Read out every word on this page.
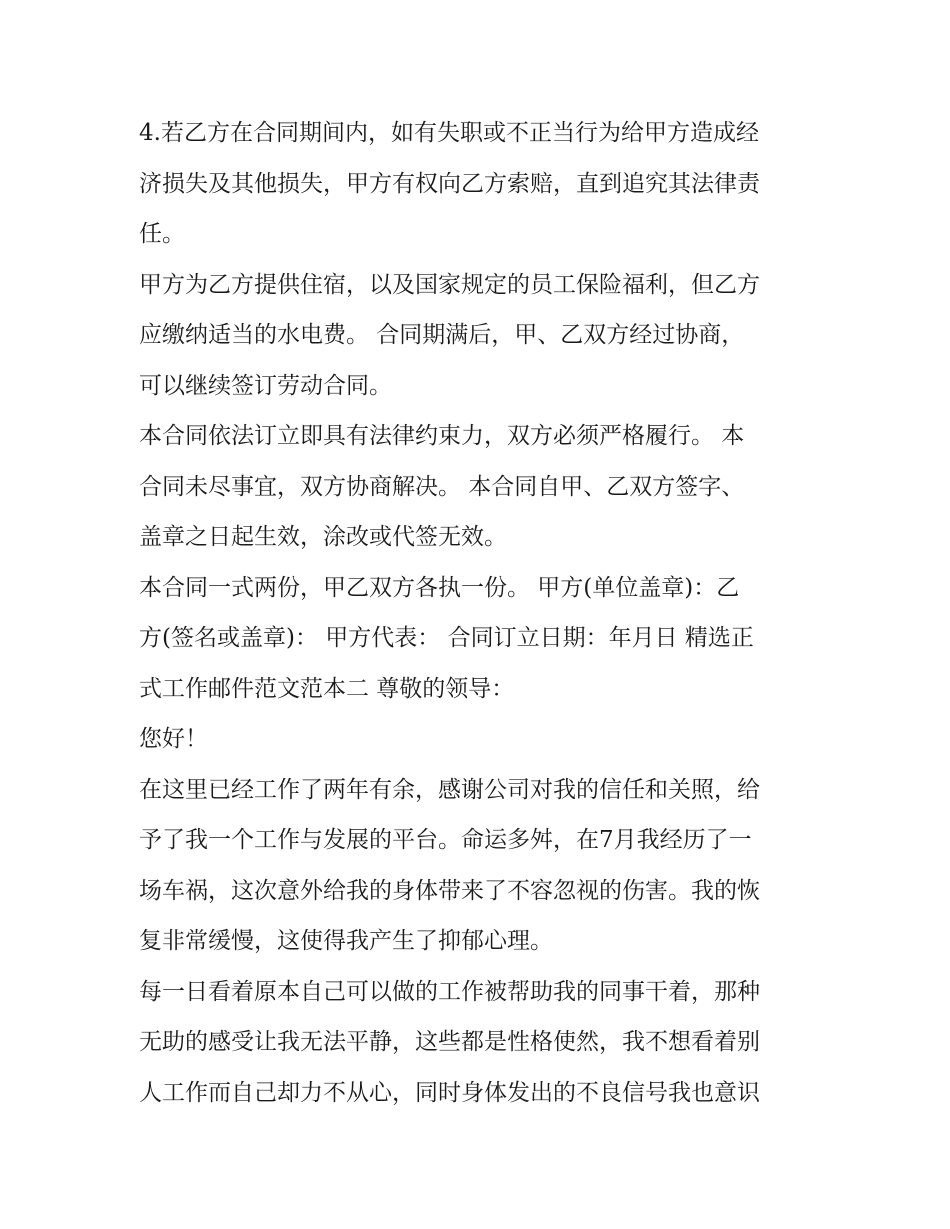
4.若乙方在合同期间内，如有失职或不正当行为给甲方造成经
济损失及其他损失，甲方有权向乙方索赔，直到追究其法律责
任。
甲方为乙方提供住宿，以及国家规定的员工保险福利，但乙方
应缴纳适当的水电费。 合同期满后，甲、乙双方经过协商，
可以继续签订劳动合同。
本合同依法订立即具有法律约束力，双方必须严格履行。 本
合同未尽事宜，双方协商解决。 本合同自甲、乙双方签字、
盖章之日起生效，涂改或代签无效。
本合同一式两份，甲乙双方各执一份。 甲方(单位盖章)：乙
方(签名或盖章)： 甲方代表： 合同订立日期：年月日 精选正
式工作邮件范文范本二 尊敬的领导：
您好！
在这里已经工作了两年有余，感谢公司对我的信任和关照，给
予了我一个工作与发展的平台。命运多舛，在7月我经历了一
场车祸，这次意外给我的身体带来了不容忽视的伤害。我的恢
复非常缓慢，这使得我产生了抑郁心理。
每一日看着原本自己可以做的工作被帮助我的同事干着，那种
无助的感受让我无法平静，这些都是性格使然，我不想看着别
人工作而自己却力不从心，同时身体发出的不良信号我也意识
